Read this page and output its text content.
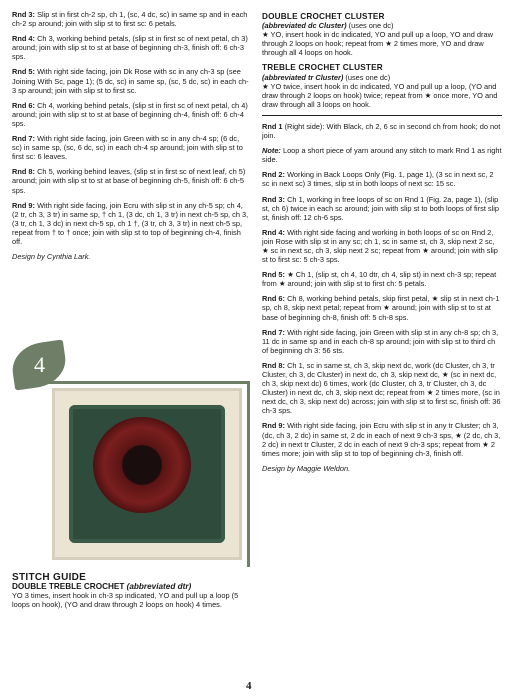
Rnd 3: Slip st in first ch-2 sp, ch 1, (sc, 4 dc, sc) in same sp and in each ch-2 sp around; join with slip st to first sc: 6 petals.
Rnd 4: Ch 3, working behind petals, (slip st in first sc of next petal, ch 3) around; join with slip st to st at base of beginning ch-3, finish off: 6 ch-3 sps.
Rnd 5: With right side facing, join Dk Rose with sc in any ch-3 sp (see Joining With Sc, page 1); (5 dc, sc) in same sp, (sc, 5 dc, sc) in each ch-3 sp around; join with slip st to first sc.
Rnd 6: Ch 4, working behind petals, (slip st in first sc of next petal, ch 4) around; join with slip st to st at base of beginning ch-4, finish off: 6 ch-4 sps.
Rnd 7: With right side facing, join Green with sc in any ch-4 sp; (6 dc, sc) in same sp, (sc, 6 dc, sc) in each ch-4 sp around; join with slip st to first sc: 6 leaves.
Rnd 8: Ch 5, working behind leaves, (slip st in first sc of next leaf, ch 5) around; join with slip st to st at base of beginning ch-5, finish off: 6 ch-5 sps.
Rnd 9: With right side facing, join Ecru with slip st in any ch-5 sp; ch 4, (2 tr, ch 3, 3 tr) in same sp, † ch 1, (3 dc, ch 1, 3 tr) in next ch-5 sp, ch 3, (3 tr, ch 1, 3 dc) in next ch-5 sp, ch 1 †, (3 tr, ch 3, 3 tr) in next ch-5 sp, repeat from † to † once; join with slip st to top of beginning ch-4, finish off.
Design by Cynthia Lark.
4
STITCH GUIDE
DOUBLE TREBLE CROCHET (abbreviated dtr)
YO 3 times, insert hook in ch-3 sp indicated, YO and pull up a loop (5 loops on hook), (YO and draw through 2 loops on hook) 4 times.
DOUBLE CROCHET CLUSTER
(abbreviated dc Cluster) (uses one dc)
★ YO, insert hook in dc indicated, YO and pull up a loop, YO and draw through 2 loops on hook; repeat from ★ 2 times more, YO and draw through all 4 loops on hook.
TREBLE CROCHET CLUSTER
(abbreviated tr Cluster) (uses one dc)
★ YO twice, insert hook in dc indicated, YO and pull up a loop, (YO and draw through 2 loops on hook) twice; repeat from ★ once more, YO and draw through all 3 loops on hook.
Rnd 1 (Right side): With Black, ch 2, 6 sc in second ch from hook; do not join.
Note: Loop a short piece of yarn around any stitch to mark Rnd 1 as right side.
Rnd 2: Working in Back Loops Only (Fig. 1, page 1), (3 sc in next sc, 2 sc in next sc) 3 times, slip st in both loops of next sc: 15 sc.
Rnd 3: Ch 1, working in free loops of sc on Rnd 1 (Fig. 2a, page 1), (slip st, ch 6) twice in each sc around; join with slip st to both loops of first slip st, finish off: 12 ch-6 sps.
Rnd 4: With right side facing and working in both loops of sc on Rnd 2, join Rose with slip st in any sc; ch 1, sc in same st, ch 3, skip next 2 sc, ★ sc in next sc, ch 3, skip next 2 sc; repeat from ★ around; join with slip st to first sc: 5 ch-3 sps.
Rnd 5: ★ Ch 1, (slip st, ch 4, 10 dtr, ch 4, slip st) in next ch-3 sp; repeat from ★ around; join with slip st to first ch: 5 petals.
Rnd 6: Ch 8, working behind petals, skip first petal, ★ slip st in next ch-1 sp, ch 8, skip next petal; repeat from ★ around; join with slip st to st at base of beginning ch-8, finish off: 5 ch-8 sps.
Rnd 7: With right side facing, join Green with slip st in any ch-8 sp; ch 3, 11 dc in same sp and in each ch-8 sp around; join with slip st to third ch of beginning ch 3: 56 sts.
Rnd 8: Ch 1, sc in same st, ch 3, skip next dc, work (dc Cluster, ch 3, tr Cluster, ch 3, dc Cluster) in next dc, ch 3, skip next dc, ★ (sc in next dc, ch 3, skip next dc) 6 times, work (dc Cluster, ch 3, tr Cluster, ch 3, dc Cluster) in next dc, ch 3, skip next dc; repeat from ★ 2 times more, (sc in next dc, ch 3, skip next dc) across; join with slip st to first sc, finish off: 36 ch-3 sps.
Rnd 9: With right side facing, join Ecru with slip st in any tr Cluster; ch 3, (dc, ch 3, 2 dc) in same st, 2 dc in each of next 9 ch-3 sps, ★ (2 dc, ch 3, 2 dc) in next tr Cluster, 2 dc in each of next 9 ch-3 sps; repeat from ★ 2 times more; join with slip st to top of beginning ch-3, finish off.
Design by Maggie Weldon.
4
